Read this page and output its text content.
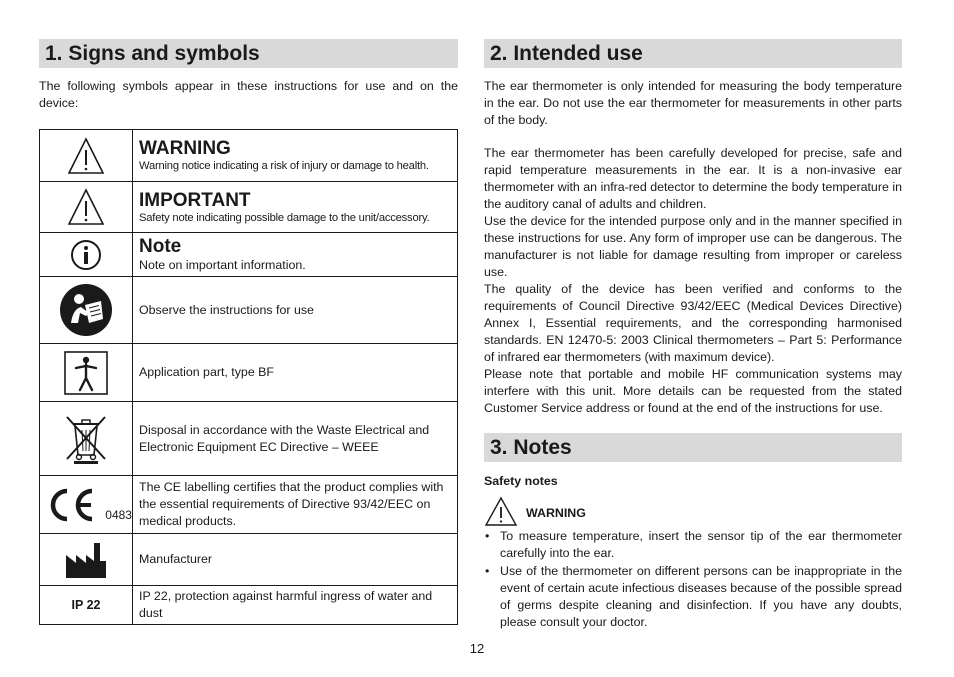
1. Signs and symbols

The following symbols appear in these instructions for use and on the device:

WARNING
Warning notice indicating a risk of injury or damage to health.

IMPORTANT
Safety note indicating possible damage to the unit/accessory.

Note
Note on important information.

	Observe the instructions for use

	Application part, type BF

	Disposal in accordance with the Waste Electrical and Electronic Equipment EC Directive – WEEE

0483	The CE labelling certifies that the product complies with the essential requirements of Directive 93/42/EEC on medical products.

	Manufacturer
IP 22	IP 22, protection against harmful ingress of water and dust
2. Intended use

The ear thermometer is only intended for measuring the body temperature in the ear. Do not use the ear thermometer for measurements in other parts of the body.

The ear thermometer has been carefully developed for precise, safe and rapid temperature measurements in the ear. It is a non-invasive ear thermometer with an infra-red detector to determine the body temperature in the auditory canal of adults and children.

Use the device for the intended purpose only and in the manner specified in these instructions for use. Any form of improper use can be dangerous. The manufacturer is not liable for damage resulting from improper or careless use.

The quality of the device has been verified and conforms to the requirements of Council Directive 93/42/EEC (Medical Devices Directive) Annex I, Essential requirements, and the corresponding harmonised standards. EN 12470-5: 2003 Clinical thermometers – Part 5: Performance of infrared ear thermometers (with maximum device).

Please note that portable and mobile HF communication systems may interfere with this unit. More details can be requested from the stated Customer Service address or found at the end of the instructions for use.

3. Notes
Safety notes
WARNING
• To measure temperature, insert the sensor tip of the ear thermometer carefully into the ear.
• Use of the thermometer on different persons can be inappropriate in the event of certain acute infectious diseases because of the possible spread of germs despite cleaning and disinfection. If you have any doubts, please consult your doctor.
12
